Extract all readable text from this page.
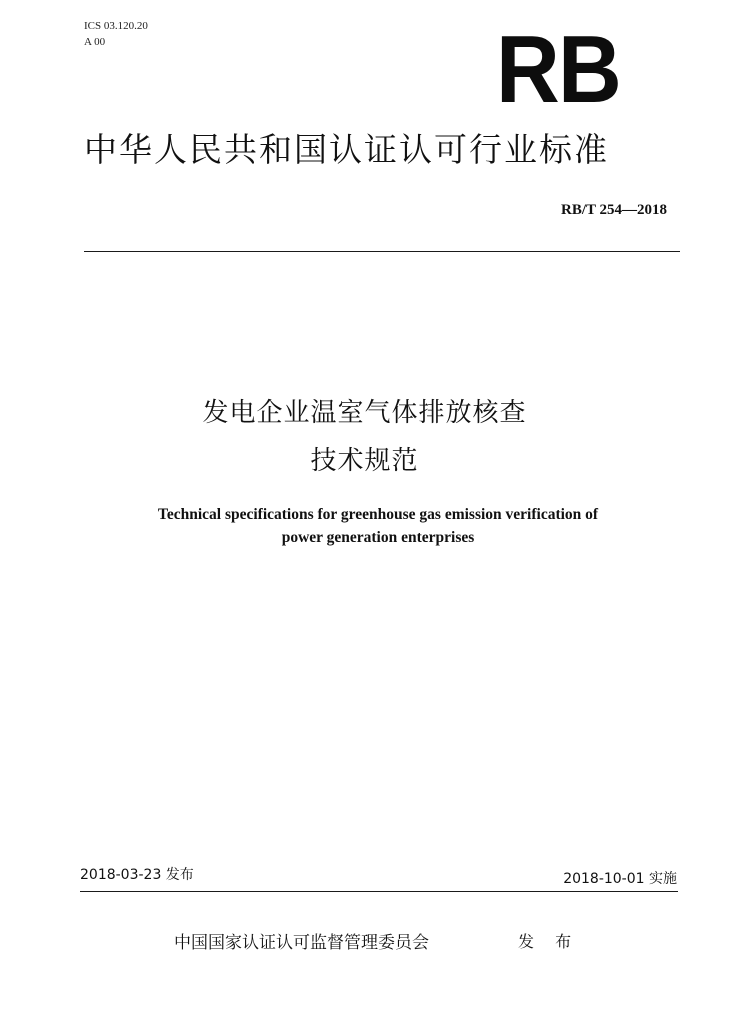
ICS 03.120.20
A 00	RB
中华人民共和国认证认可行业标准
RB/T 254—2018
发电企业温室气体排放核查
技术规范
Technical specifications for greenhouse gas emission verification of
power generation enterprises
2018-03-23 发布	2018-10-01 实施
中国国家认证认可监督管理委员会	发 布
